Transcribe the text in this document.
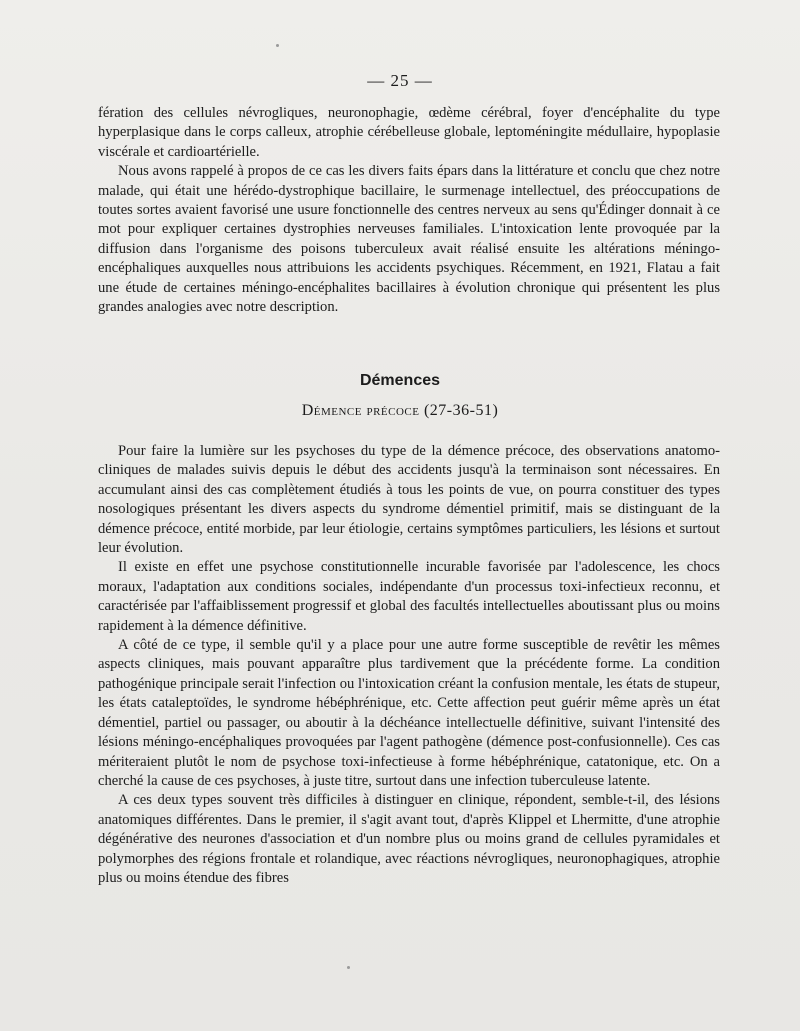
— 25 —

fération des cellules névrogliques, neuronophagie, œdème cérébral, foyer d'encéphalite du type hyperplasique dans le corps calleux, atrophie cérébelleuse globale, leptoméningite médullaire, hypoplasie viscérale et cardioartérielle.

Nous avons rappelé à propos de ce cas les divers faits épars dans la littérature et conclu que chez notre malade, qui était une hérédo-dystrophique bacillaire, le surmenage intellectuel, des préoccupations de toutes sortes avaient favorisé une usure fonctionnelle des centres nerveux au sens qu'Édinger donnait à ce mot pour expliquer certaines dystrophies nerveuses familiales. L'intoxication lente provoquée par la diffusion dans l'organisme des poisons tuberculeux avait réalisé ensuite les altérations méningo-encéphaliques auxquelles nous attribuions les accidents psychiques. Récemment, en 1921, Flatau a fait une étude de certaines méningo-encéphalites bacillaires à évolution chronique qui présentent les plus grandes analogies avec notre description.

Démences
Démence précoce (27-36-51)

Pour faire la lumière sur les psychoses du type de la démence précoce, des observations anatomo-cliniques de malades suivis depuis le début des accidents jusqu'à la terminaison sont nécessaires. En accumulant ainsi des cas complètement étudiés à tous les points de vue, on pourra constituer des types nosologiques présentant les divers aspects du syndrome démentiel primitif, mais se distinguant de la démence précoce, entité morbide, par leur étiologie, certains symptômes particuliers, les lésions et surtout leur évolution.

Il existe en effet une psychose constitutionnelle incurable favorisée par l'adolescence, les chocs moraux, l'adaptation aux conditions sociales, indépendante d'un processus toxi-infectieux reconnu, et caractérisée par l'affaiblissement progressif et global des facultés intellectuelles aboutissant plus ou moins rapidement à la démence définitive.

A côté de ce type, il semble qu'il y a place pour une autre forme susceptible de revêtir les mêmes aspects cliniques, mais pouvant apparaître plus tardivement que la précédente forme. La condition pathogénique principale serait l'infection ou l'intoxication créant la confusion mentale, les états de stupeur, les états cataleptoïdes, le syndrome hébéphrénique, etc. Cette affection peut guérir même après un état démentiel, partiel ou passager, ou aboutir à la déchéance intellectuelle définitive, suivant l'intensité des lésions méningo-encéphaliques provoquées par l'agent pathogène (démence post-confusionnelle). Ces cas mériteraient plutôt le nom de psychose toxi-infectieuse à forme hébéphrénique, catatonique, etc. On a cherché la cause de ces psychoses, à juste titre, surtout dans une infection tuberculeuse latente.

A ces deux types souvent très difficiles à distinguer en clinique, répondent, semble-t-il, des lésions anatomiques différentes. Dans le premier, il s'agit avant tout, d'après Klippel et Lhermitte, d'une atrophie dégénérative des neurones d'association et d'un nombre plus ou moins grand de cellules pyramidales et polymorphes des régions frontale et rolandique, avec réactions névrogliques, neuronophagiques, atrophie plus ou moins étendue des fibres
